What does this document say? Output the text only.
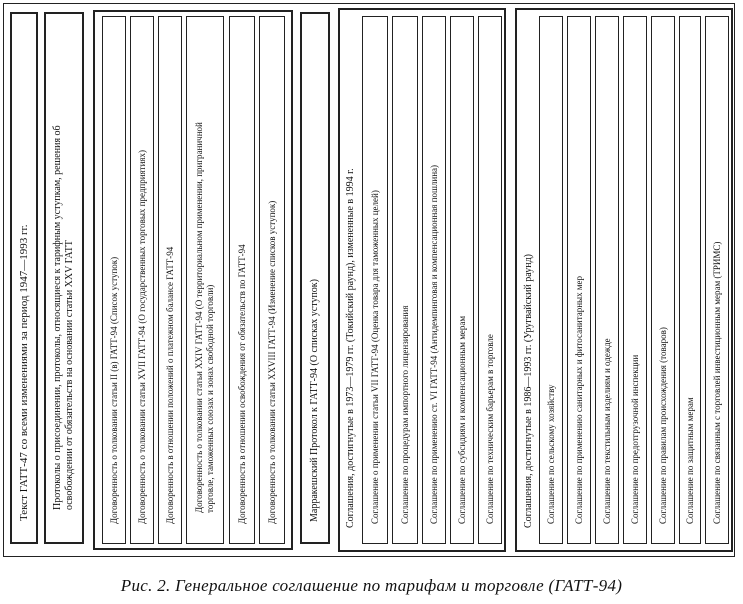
Текст ГАТТ-47 со всеми изменениями за период 1947—1993 гг. Протоколы о присоединении, протоколы, относящиеся к тарифным уступкам, решения об освобождении от обязательств на основании статьи XXV ГАТТ	Договоренность о толковании статьи II (в) ГАТТ-94 (Список уступок) Договоренность о толковании статьи XVII ГАТТ-94 (О государственных торговых предприятиях) Договоренность в отношении положений о платежном балансе ГАТТ-94 Договоренность о толковании статьи XXIV ГАТТ-94 (О территориальном применении, приграничной торговле, таможенных союзах и зонах свободной торговли) Договоренность в отношении освобождения от обязательств по ГАТТ-94 Договоренность о толковании статьи XXVIII ГАТТ-94 (Изменение списков уступок)	Марракешский Протокол к ГАТТ-94 (О списках уступок)	Соглашения, достигнутые в 1973—1979 гг. (Токийский раунд), измененные в 1994 г. Соглашение о применении статьи VII ГАТТ-94 (Оценка товара для таможенных целей) Соглашение по процедурам импортного лицензирования Соглашение по применению ст. VI ГАТТ-94 (Антидемпинговая и компенсационная пошлина) Соглашение по субсидиям и компенсационным мерам Соглашение по техническим барьерам в торговле	Соглашения, достигнутые в 1986—1993 гг. (Уругвайский раунд) Соглашение по сельскому хозяйству Соглашение по применению санитарных и фитосанитарных мер Соглашение по текстильным изделиям и одежде Соглашение по предотгрузочной инспекции Соглашение по правилам происхождения (товаров) Соглашение по защитным мерам Соглашение по связанным с торговлей инвестиционным мерам (ТРИМС)
Рис. 2. Генеральное соглашение по тарифам и торговле (ГАТТ-94)
